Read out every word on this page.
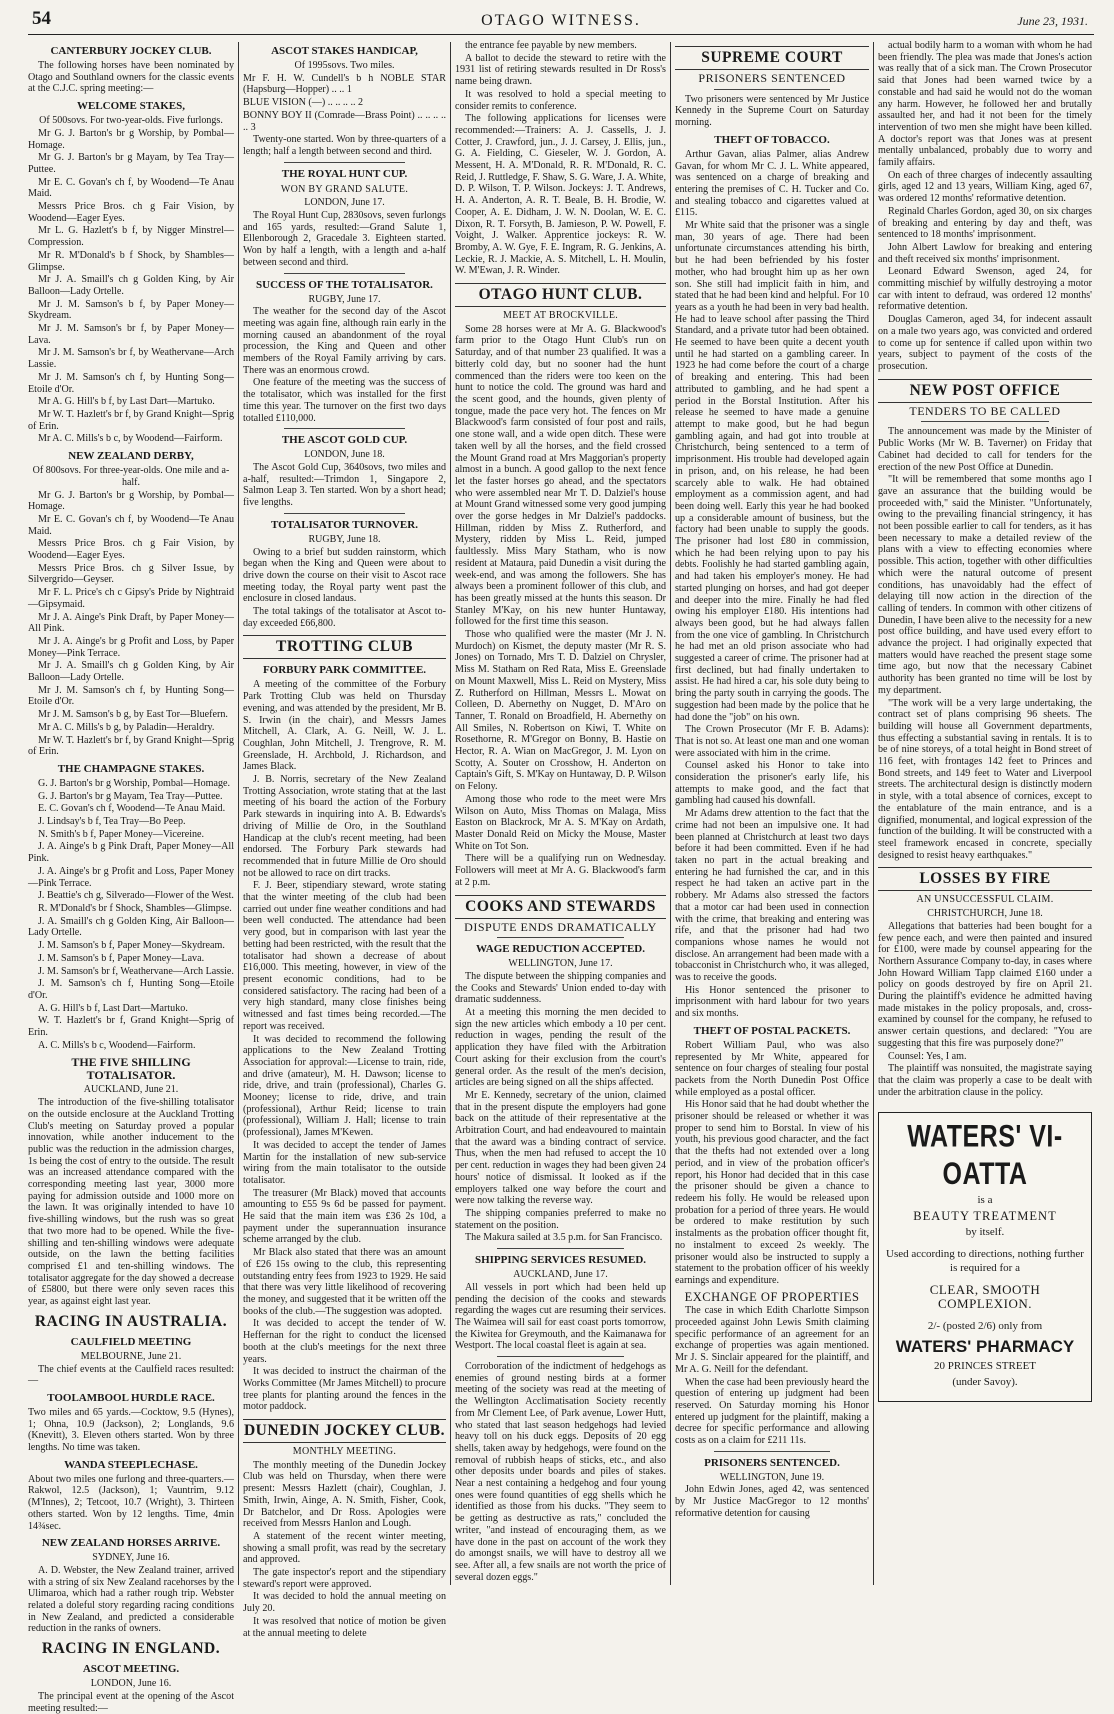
54	OTAGO WITNESS.	June 23, 1931.
CANTERBURY JOCKEY CLUB.

The following horses have been nominated by Otago and Southland owners for the classic events at the C.J.C. spring meeting:—

WELCOME STAKES,
Of 500sovs. For two-year-olds. Five furlongs.

Mr G. J. Barton's br g Worship, by Pombal—Homage.

Mr G. J. Barton's br g Mayam, by Tea Tray—Puttee.

Mr E. C. Govan's ch f, by Woodend—Te Anau Maid.

Messrs Price Bros. ch g Fair Vision, by Woodend—Eager Eyes.

Mr L. G. Hazlett's b f, by Nigger Minstrel—Compression.

Mr R. M'Donald's b f Shock, by Shambles—Glimpse.

Mr J. A. Smaill's ch g Golden King, by Air Balloon—Lady Ortelle.

Mr J. M. Samson's b f, by Paper Money—Skydream.

Mr J. M. Samson's br f, by Paper Money—Lava.

Mr J. M. Samson's br f, by Weathervane—Arch Lassie.

Mr J. M. Samson's ch f, by Hunting Song—Etoile d'Or.

Mr A. G. Hill's b f, by Last Dart—Martuko.

Mr W. T. Hazlett's br f, by Grand Knight—Sprig of Erin.

Mr A. C. Mills's b c, by Woodend—Fairform.

NEW ZEALAND DERBY,
Of 800sovs. For three-year-olds. One mile and a-half.

Mr G. J. Barton's br g Worship, by Pombal—Homage.

Mr E. C. Govan's ch f, by Woodend—Te Anau Maid.

Messrs Price Bros. ch g Fair Vision, by Woodend—Eager Eyes.

Messrs Price Bros. ch g Silver Issue, by Silvergrido—Geyser.

Mr F. L. Price's ch c Gipsy's Pride by Nightraid—Gipsymaid.

Mr J. A. Ainge's Pink Draft, by Paper Money—All Pink.

Mr J. A. Ainge's br g Profit and Loss, by Paper Money—Pink Terrace.

Mr J. A. Smaill's ch g Golden King, by Air Balloon—Lady Ortelle.

Mr J. M. Samson's ch f, by Hunting Song—Etoile d'Or.

Mr J. M. Samson's b g, by East Tor—Bluefern.

Mr A. C. Mills's b g, by Paladin—Heraldry.

Mr W. T. Hazlett's br f, by Grand Knight—Sprig of Erin.

THE CHAMPAGNE STAKES.

G. J. Barton's br g Worship, Pombal—Homage.

G. J. Barton's br g Mayam, Tea Tray—Puttee.

E. C. Govan's ch f, Woodend—Te Anau Maid.

J. Lindsay's b f, Tea Tray—Bo Peep.

N. Smith's b f, Paper Money—Vicereine.

J. A. Ainge's b g Pink Draft, Paper Money—All Pink.

J. A. Ainge's br g Profit and Loss, Paper Money—Pink Terrace.

J. Beattie's ch g, Silverado—Flower of the West.

R. M'Donald's br f Shock, Shambles—Glimpse.

J. A. Smaill's ch g Golden King, Air Balloon—Lady Ortelle.

J. M. Samson's b f, Paper Money—Skydream.

J. M. Samson's b f, Paper Money—Lava.

J. M. Samson's br f, Weathervane—Arch Lassie.

J. M. Samson's ch f, Hunting Song—Etoile d'Or.

A. G. Hill's b f, Last Dart—Martuko.

W. T. Hazlett's br f, Grand Knight—Sprig of Erin.

A. C. Mills's b c, Woodend—Fairform.

THE FIVE SHILLING TOTALISATOR.
AUCKLAND, June 21.

The introduction of the five-shilling totalisator on the outside enclosure at the Auckland Trotting Club's meeting on Saturday proved a popular innovation, while another inducement to the public was the reduction in the admission charges, 1s being the cost of entry to the outside. The result was an increased attendance compared with the corresponding meeting last year, 3000 more paying for admission outside and 1000 more on the lawn. It was originally intended to have 10 five-shilling windows, but the rush was so great that two more had to be opened. While the five-shilling and ten-shilling windows were adequate outside, on the lawn the betting facilities comprised £1 and ten-shilling windows. The totalisator aggregate for the day showed a decrease of £5800, but there were only seven races this year, as against eight last year.

RACING IN AUSTRALIA.
CAULFIELD MEETING
MELBOURNE, June 21.

The chief events at the Caulfield races resulted:—

TOOLAMBOOL HURDLE RACE.

Two miles and 65 yards.—Cocktow, 9.5 (Hynes), 1; Ohna, 10.9 (Jackson), 2; Longlands, 9.6 (Knevitt), 3. Eleven others started. Won by three lengths. No time was taken.

WANDA STEEPLECHASE.

About two miles one furlong and three-quarters.—Rakwol, 12.5 (Jackson), 1; Vauntrim, 9.12 (M'Innes), 2; Tetcoot, 10.7 (Wright), 3. Thirteen others started. Won by 12 lengths. Time, 4min 14¾sec.

NEW ZEALAND HORSES ARRIVE.
SYDNEY, June 16.

A. D. Webster, the New Zealand trainer, arrived with a string of six New Zealand racehorses by the Ulimaroa, which had a rather rough trip. Webster related a doleful story regarding racing conditions in New Zealand, and predicted a considerable reduction in the ranks of owners.

RACING IN ENGLAND.
ASCOT MEETING.
LONDON, June 16.

The principal event at the opening of the Ascot meeting resulted:—

ASCOT STAKES HANDICAP,
Of 1995sovs. Two miles.

Mr F. H. W. Cundell's b h NOBLE STAR (Hapsburg—Hopper) .. .. 1

BLUE VISION (—) .. .. .. .. 2

BONNY BOY II (Comrade—Brass Point) .. .. .. .. .. 3

Twenty-one started. Won by three-quarters of a length; half a length between second and third.

THE ROYAL HUNT CUP.
WON BY GRAND SALUTE.
LONDON, June 17.

The Royal Hunt Cup, 2830sovs, seven furlongs and 165 yards, resulted:—Grand Salute 1, Ellenborough 2, Gracedale 3. Eighteen started. Won by half a length, with a length and a-half between second and third.

SUCCESS OF THE TOTALISATOR.
RUGBY, June 17.

The weather for the second day of the Ascot meeting was again fine, although rain early in the morning caused an abandonment of the royal procession, the King and Queen and other members of the Royal Family arriving by cars. There was an enormous crowd.

One feature of the meeting was the success of the totalisator, which was installed for the first time this year. The turnover on the first two days totalled £110,000.

THE ASCOT GOLD CUP.
LONDON, June 18.

The Ascot Gold Cup, 3640sovs, two miles and a-half, resulted:—Trimdon 1, Singapore 2, Salmon Leap 3. Ten started. Won by a short head; five lengths.

TOTALISATOR TURNOVER.
RUGBY, June 18.

Owing to a brief but sudden rainstorm, which began when the King and Queen were about to drive down the course on their visit to Ascot race meeting today, the Royal party went past the enclosure in closed landaus.

The total takings of the totalisator at Ascot to-day exceeded £66,800.

TROTTING CLUB
FORBURY PARK COMMITTEE.

A meeting of the committee of the Forbury Park Trotting Club was held on Thursday evening, and was attended by the president, Mr B. S. Irwin (in the chair), and Messrs James Mitchell, A. Clark, A. G. Neill, W. J. L. Coughlan, John Mitchell, J. Trengrove, R. M. Greenslade, H. Archbold, J. Richardson, and James Black.

J. B. Norris, secretary of the New Zealand Trotting Association, wrote stating that at the last meeting of his board the action of the Forbury Park stewards in inquiring into A. B. Edwards's driving of Millie de Oro, in the Southland Handicap at the club's recent meeting, had been endorsed. The Forbury Park stewards had recommended that in future Millie de Oro should not be allowed to race on dirt tracks.

F. J. Beer, stipendiary steward, wrote stating that the winter meeting of the club had been carried out under fine weather conditions and had been well conducted. The attendance had been very good, but in comparison with last year the betting had been restricted, with the result that the totalisator had shown a decrease of about £16,000. This meeting, however, in view of the present economic conditions, had to be considered satisfactory. The racing had been of a very high standard, many close finishes being witnessed and fast times being recorded.—The report was received.

It was decided to recommend the following applications to the New Zealand Trotting Association for approval:—License to train, ride, and drive (amateur), M. H. Dawson; license to ride, drive, and train (professional), Charles G. Mooney; license to ride, drive, and train (professional), Arthur Reid; license to train (professional), William J. Hall; license to train (professional), James M'Kewen.

It was decided to accept the tender of James Martin for the installation of new sub-service wiring from the main totalisator to the outside totalisator.

The treasurer (Mr Black) moved that accounts amounting to £55 9s 6d be passed for payment. He said that the main item was £36 2s 10d, a payment under the superannuation insurance scheme arranged by the club.

Mr Black also stated that there was an amount of £26 15s owing to the club, this representing outstanding entry fees from 1923 to 1929. He said that there was very little likelihood of recovering the money, and suggested that it be written off the books of the club.—The suggestion was adopted.

It was decided to accept the tender of W. Heffernan for the right to conduct the licensed booth at the club's meetings for the next three years.

It was decided to instruct the chairman of the Works Committee (Mr James Mitchell) to procure tree plants for planting around the fences in the motor paddock.

DUNEDIN JOCKEY CLUB.
MONTHLY MEETING.

The monthly meeting of the Dunedin Jockey Club was held on Thursday, when there were present: Messrs Hazlett (chair), Coughlan, J. Smith, Irwin, Ainge, A. N. Smith, Fisher, Cook, Dr Batchelor, and Dr Ross. Apologies were received from Messrs Hanlon and Lough.

A statement of the recent winter meeting, showing a small profit, was read by the secretary and approved.

The gate inspector's report and the stipendiary steward's report were approved.

It was decided to hold the annual meeting on July 20.

It was resolved that notice of motion be given at the annual meeting to delete

the entrance fee payable by new members.

A ballot to decide the steward to retire with the 1931 list of retiring stewards resulted in Dr Ross's name being drawn.

It was resolved to hold a special meeting to consider remits to conference.

The following applications for licenses were recommended:—Trainers: A. J. Cassells, J. J. Cotter, J. Crawford, jun., J. J. Carsey, J. Ellis, jun., G. A. Fielding, C. Gieseler, W. J. Gordon, A. Messent, H. A. M'Donald, R. R. M'Donald, R. C. Reid, J. Ruttledge, F. Shaw, S. G. Ware, J. A. White, D. P. Wilson, T. P. Wilson. Jockeys: J. T. Andrews, H. A. Anderton, A. R. T. Beale, B. H. Brodie, W. Cooper, A. E. Didham, J. W. N. Doolan, W. E. C. Dixon, R. T. Forsyth, B. Jamieson, P. W. Powell, F. Voight, J. Walker. Apprentice jockeys: R. W. Bromby, A. W. Gye, F. E. Ingram, R. G. Jenkins, A. Leckie, R. J. Mackie, A. S. Mitchell, L. H. Moulin, W. M'Ewan, J. R. Winder.

OTAGO HUNT CLUB.
MEET AT BROCKVILLE.

Some 28 horses were at Mr A. G. Blackwood's farm prior to the Otago Hunt Club's run on Saturday, and of that number 23 qualified. It was a bitterly cold day, but no sooner had the hunt commenced than the riders were too keen on the hunt to notice the cold. The ground was hard and the scent good, and the hounds, given plenty of tongue, made the pace very hot. The fences on Mr Blackwood's farm consisted of four post and rails, one stone wall, and a wide open ditch. These were taken well by all the horses, and the field crossed the Mount Grand road at Mrs Maggorian's property almost in a bunch. A good gallop to the next fence let the faster horses go ahead, and the spectators who were assembled near Mr T. D. Dalziel's house at Mount Grand witnessed some very good jumping over the gorse hedges in Mr Dalziel's paddocks. Hillman, ridden by Miss Z. Rutherford, and Mystery, ridden by Miss L. Reid, jumped faultlessly. Miss Mary Statham, who is now resident at Mataura, paid Dunedin a visit during the week-end, and was among the followers. She has always been a prominent follower of this club, and has been greatly missed at the hunts this season. Dr Stanley M'Kay, on his new hunter Huntaway, followed for the first time this season.

Those who qualified were the master (Mr J. N. Murdoch) on Kismet, the deputy master (Mr R. S. Jones) on Tornado, Mrs T. D. Dalziel on Chrysler, Miss M. Statham on Red Rata, Miss E. Greenslade on Mount Maxwell, Miss L. Reid on Mystery, Miss Z. Rutherford on Hillman, Messrs L. Mowat on Colleen, D. Abernethy on Nugget, D. M'Aro on Tanner, T. Ronald on Broadfield, H. Abernethy on All Smiles, N. Robertson on Kiwi, T. White on Rosethorne, R. M'Gregor on Bonny, B. Hastie on Hector, R. A. Wian on MacGregor, J. M. Lyon on Scotty, A. Souter on Crosshow, H. Anderton on Captain's Gift, S. M'Kay on Huntaway, D. P. Wilson on Felony.

Among those who rode to the meet were Mrs Wilson on Auto, Miss Thomas on Malaga, Miss Easton on Blackrock, Mr A. S. M'Kay on Ardath, Master Donald Reid on Micky the Mouse, Master White on Tot Son.

There will be a qualifying run on Wednesday. Followers will meet at Mr A. G. Blackwood's farm at 2 p.m.

COOKS AND STEWARDS
DISPUTE ENDS DRAMATICALLY
WAGE REDUCTION ACCEPTED.
WELLINGTON, June 17.

The dispute between the shipping companies and the Cooks and Stewards' Union ended to-day with dramatic suddenness.

At a meeting this morning the men decided to sign the new articles which embody a 10 per cent. reduction in wages, pending the result of the application they have filed with the Arbitration Court asking for their exclusion from the court's general order. As the result of the men's decision, articles are being signed on all the ships affected.

Mr E. Kennedy, secretary of the union, claimed that in the present dispute the employers had gone back on the attitude of their representative at the Arbitration Court, and had endeavoured to maintain that the award was a binding contract of service. Thus, when the men had refused to accept the 10 per cent. reduction in wages they had been given 24 hours' notice of dismissal. It looked as if the employers talked one way before the court and were now talking the reverse way.

The shipping companies preferred to make no statement on the position.

The Makura sailed at 3.5 p.m. for San Francisco.

SHIPPING SERVICES RESUMED.
AUCKLAND, June 17.

All vessels in port which had been held up pending the decision of the cooks and stewards regarding the wages cut are resuming their services. The Waimea will sail for east coast ports tomorrow, the Kiwitea for Greymouth, and the Kaimanawa for Westport. The local coastal fleet is again at sea.

Corroboration of the indictment of hedgehogs as enemies of ground nesting birds at a former meeting of the society was read at the meeting of the Wellington Acclimatisation Society recently from Mr Clement Lee, of Park avenue, Lower Hutt, who stated that last season hedgehogs had levied heavy toll on his duck eggs. Deposits of 20 egg shells, taken away by hedgehogs, were found on the removal of rubbish heaps of sticks, etc., and also other deposits under boards and piles of stakes. Near a nest containing a hedgehog and four young ones were found quantities of egg shells which he identified as those from his ducks. "They seem to be getting as destructive as rats," concluded the writer, "and instead of encouraging them, as we have done in the past on account of the work they do amongst snails, we will have to destroy all we see. After all, a few snails are not worth the price of several dozen eggs."

SUPREME COURT
PRISONERS SENTENCED

Two prisoners were sentenced by Mr Justice Kennedy in the Supreme Court on Saturday morning.

THEFT OF TOBACCO.

Arthur Gavan, alias Palmer, alias Andrew Gavan, for whom Mr C. J. L. White appeared, was sentenced on a charge of breaking and entering the premises of C. H. Tucker and Co. and stealing tobacco and cigarettes valued at £115.

Mr White said that the prisoner was a single man, 30 years of age. There had been unfortunate circumstances attending his birth, but he had been befriended by his foster mother, who had brought him up as her own son. She still had implicit faith in him, and stated that he had been kind and helpful. For 10 years as a youth he had been in very bad health. He had to leave school after passing the Third Standard, and a private tutor had been obtained. He seemed to have been quite a decent youth until he had started on a gambling career. In 1923 he had come before the court of a charge of breaking and entering. This had been attributed to gambling, and he had spent a period in the Borstal Institution. After his release he seemed to have made a genuine attempt to make good, but he had begun gambling again, and had got into trouble at Christchurch, being sentenced to a term of imprisonment. His trouble had developed again in prison, and, on his release, he had been scarcely able to walk. He had obtained employment as a commission agent, and had been doing well. Early this year he had booked up a considerable amount of business, but the factory had been unable to supply the goods. The prisoner had lost £80 in commission, which he had been relying upon to pay his debts. Foolishly he had started gambling again, and had taken his employer's money. He had started plunging on horses, and had got deeper and deeper into the mire. Finally he had fled owing his employer £180. His intentions had always been good, but he had always fallen from the one vice of gambling. In Christchurch he had met an old prison associate who had suggested a career of crime. The prisoner had at first declined, but had finally undertaken to assist. He had hired a car, his sole duty being to bring the party south in carrying the goods. The suggestion had been made by the police that he had done the "job" on his own.

The Crown Prosecutor (Mr F. B. Adams): That is not so. At least one man and one woman were associated with him in the crime.

Counsel asked his Honor to take into consideration the prisoner's early life, his attempts to make good, and the fact that gambling had caused his downfall.

Mr Adams drew attention to the fact that the crime had not been an impulsive one. It had been planned at Christchurch at least two days before it had been committed. Even if he had taken no part in the actual breaking and entering he had furnished the car, and in this respect he had taken an active part in the robbery. Mr Adams also stressed the factors that a motor car had been used in connection with the crime, that breaking and entering was rife, and that the prisoner had had two companions whose names he would not disclose. An arrangement had been made with a tobacconist in Christchurch who, it was alleged, was to receive the goods.

His Honor sentenced the prisoner to imprisonment with hard labour for two years and six months.

THEFT OF POSTAL PACKETS.

Robert William Paul, who was also represented by Mr White, appeared for sentence on four charges of stealing four postal packets from the North Dunedin Post Office while employed as a postal officer.

His Honor said that he had doubt whether the prisoner should be released or whether it was proper to send him to Borstal. In view of his youth, his previous good character, and the fact that the thefts had not extended over a long period, and in view of the probation officer's report, his Honor had decided that in this case the prisoner should be given a chance to redeem his folly. He would be released upon probation for a period of three years. He would be ordered to make restitution by such instalments as the probation officer thought fit, no instalment to exceed 2s weekly. The prisoner would also be instructed to supply a statement to the probation officer of his weekly earnings and expenditure.

EXCHANGE OF PROPERTIES

The case in which Edith Charlotte Simpson proceeded against John Lewis Smith claiming specific performance of an agreement for an exchange of properties was again mentioned. Mr J. S. Sinclair appeared for the plaintiff, and Mr A. G. Neill for the defendant.

When the case had been previously heard the question of entering up judgment had been reserved. On Saturday morning his Honor entered up judgment for the plaintiff, making a decree for specific performance and allowing costs as on a claim for £211 11s.

PRISONERS SENTENCED.
WELLINGTON, June 19.

John Edwin Jones, aged 42, was sentenced by Mr Justice MacGregor to 12 months' reformative detention for causing

actual bodily harm to a woman with whom he had been friendly. The plea was made that Jones's action was really that of a sick man. The Crown Prosecutor said that Jones had been warned twice by a constable and had said he would not do the woman any harm. However, he followed her and brutally assaulted her, and had it not been for the timely intervention of two men she might have been killed. A doctor's report was that Jones was at present mentally unbalanced, probably due to worry and family affairs.

On each of three charges of indecently assaulting girls, aged 12 and 13 years, William King, aged 67, was ordered 12 months' reformative detention.

Reginald Charles Gordon, aged 30, on six charges of breaking and entering by day and theft, was sentenced to 18 months' imprisonment.

John Albert Lawlow for breaking and entering and theft received six months' imprisonment.

Leonard Edward Swenson, aged 24, for committing mischief by wilfully destroying a motor car with intent to defraud, was ordered 12 months' reformative detention.

Douglas Cameron, aged 34, for indecent assault on a male two years ago, was convicted and ordered to come up for sentence if called upon within two years, subject to payment of the costs of the prosecution.

NEW POST OFFICE
TENDERS TO BE CALLED

The announcement was made by the Minister of Public Works (Mr W. B. Taverner) on Friday that Cabinet had decided to call for tenders for the erection of the new Post Office at Dunedin.

"It will be remembered that some months ago I gave an assurance that the building would be proceeded with," said the Minister. "Unfortunately, owing to the prevailing financial stringency, it has not been possible earlier to call for tenders, as it has been necessary to make a detailed review of the plans with a view to effecting economies where possible. This action, together with other difficulties which were the natural outcome of present conditions, has unavoidably had the effect of delaying till now action in the direction of the calling of tenders. In common with other citizens of Dunedin, I have been alive to the necessity for a new post office building, and have used every effort to advance the project. I had originally expected that matters would have reached the present stage some time ago, but now that the necessary Cabinet authority has been granted no time will be lost by my department.

"The work will be a very large undertaking, the contract set of plans comprising 96 sheets. The building will house all Government departments, thus effecting a substantial saving in rentals. It is to be of nine storeys, of a total height in Bond street of 116 feet, with frontages 142 feet to Princes and Bond streets, and 149 feet to Water and Liverpool streets. The architectural design is distinctly modern in style, with a total absence of cornices, except to the entablature of the main entrance, and is a dignified, monumental, and logical expression of the function of the building. It will be constructed with a steel framework encased in concrete, specially designed to resist heavy earthquakes."

LOSSES BY FIRE
AN UNSUCCESSFUL CLAIM.
CHRISTCHURCH, June 18.

Allegations that batteries had been bought for a few pence each, and were then painted and insured for £100, were made by counsel appearing for the Northern Assurance Company to-day, in cases where John Howard William Tapp claimed £160 under a policy on goods destroyed by fire on April 21. During the plaintiff's evidence he admitted having made mistakes in the policy proposals, and, cross-examined by counsel for the company, he refused to answer certain questions, and declared: "You are suggesting that this fire was purposely done?"

Counsel: Yes, I am.

The plaintiff was nonsuited, the magistrate saying that the claim was properly a case to be dealt with under the arbitration clause in the policy.

WATERS' VI-OATTA
is a
BEAUTY TREATMENT
by itself.
Used according to directions, nothing further is required for a
CLEAR, SMOOTH COMPLEXION.
2/- (posted 2/6) only from
WATERS' PHARMACY
20 PRINCES STREET
(under Savoy).
